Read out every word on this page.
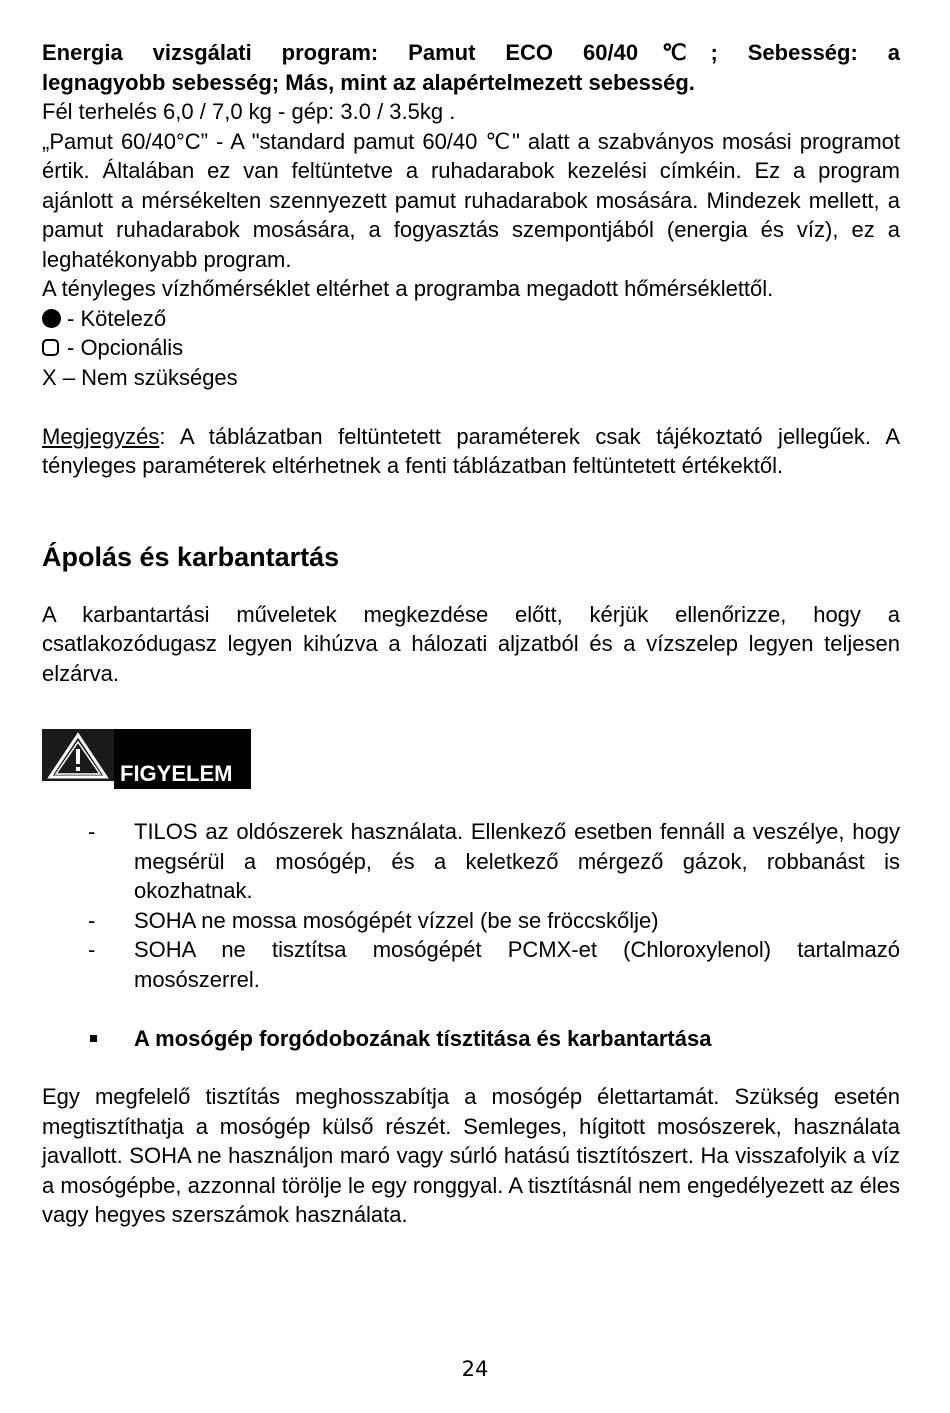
Energia vizsgálati program: Pamut ECO 60/40℃; Sebesség: a

legnagyobb sebesség; Más, mint az alapértelmezett sebesség.

Fél terhelés 6,0 / 7,0 kg - gép: 3.0 / 3.5kg .

„Pamut 60/40°C” - A "standard pamut 60/40 ℃" alatt a szabványos mosási programot értik. Általában ez van feltüntetve a ruhadarabok kezelési címkéin. Ez a program ajánlott a mérsékelten szennyezett pamut ruhadarabok mosására. Mindezek mellett, a pamut ruhadarabok mosására, a fogyasztás szempontjából (energia és víz), ez a leghatékonyabb program.

A tényleges vízhőmérséklet eltérhet a programba megadott hőmérséklettől.

- Kötelező
- Opcionális
X
– Nem szükséges

Megjegyzés: A táblázatban feltüntetett paraméterek csak tájékoztató jellegűek. A tényleges paraméterek eltérhetnek a fenti táblázatban feltüntetett értékektől.

Ápolás és karbantartás

A karbantartási műveletek megkezdése előtt, kérjük ellenőrizze, hogy a csatlakozódugasz legyen kihúzva a hálozati aljzatból és a vízszelep legyen teljesen elzárva.

FIGYELEM
- TILOS az oldószerek használata. Ellenkező esetben fennáll a veszélye, hogy megsérül a mosógép, és a keletkező mérgező gázok, robbanást is okozhatnak.
- SOHA ne mossa mosógépét vízzel (be se fröccskőlje)
- SOHA ne tisztítsa mosógépét PCMX-et (Chloroxylenol) tartalmazó mosószerrel.
A mosógép forgódobozának tísztitása és karbantartása

Egy megfelelő tisztítás meghosszabítja a mosógép élettartamát. Szükség esetén megtisztíthatja a mosógép külső részét. Semleges, hígitott mosószerek, használata javallott. SOHA ne használjon maró vagy súrló hatású tisztítószert. Ha visszafolyik a víz a mosógépbe, azzonnal törölje le egy ronggyal. A tisztításnál nem engedélyezett az éles vagy hegyes szerszámok használata.

24
